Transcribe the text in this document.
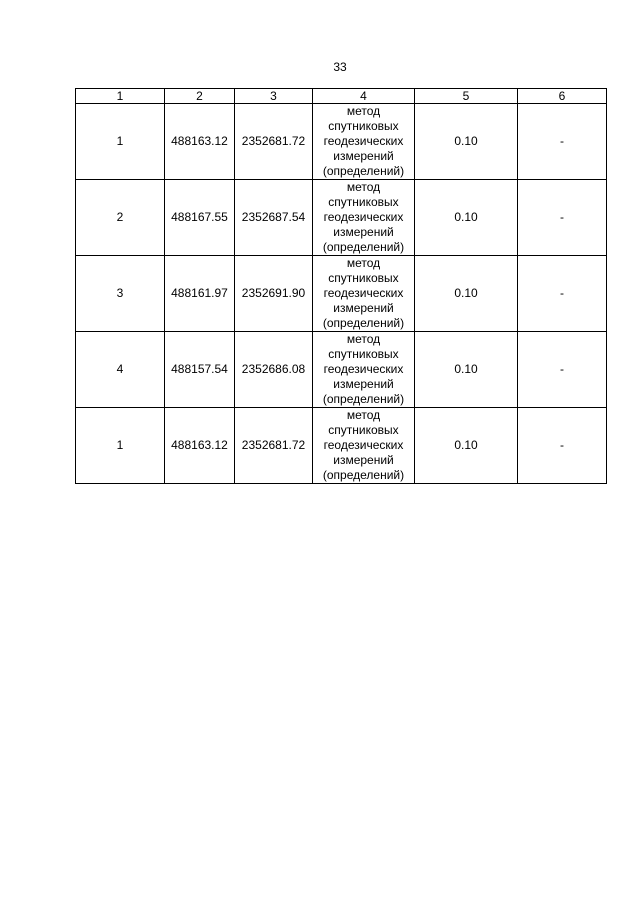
33
1	2	3	4	5	6
1	488163.12	2352681.72	метод
спутниковых
геодезических
измерений
(определений)	0.10	-
2	488167.55	2352687.54	метод
спутниковых
геодезических
измерений
(определений)	0.10	-
3	488161.97	2352691.90	метод
спутниковых
геодезических
измерений
(определений)	0.10	-
4	488157.54	2352686.08	метод
спутниковых
геодезических
измерений
(определений)	0.10	-
1	488163.12	2352681.72	метод
спутниковых
геодезических
измерений
(определений)	0.10	-
